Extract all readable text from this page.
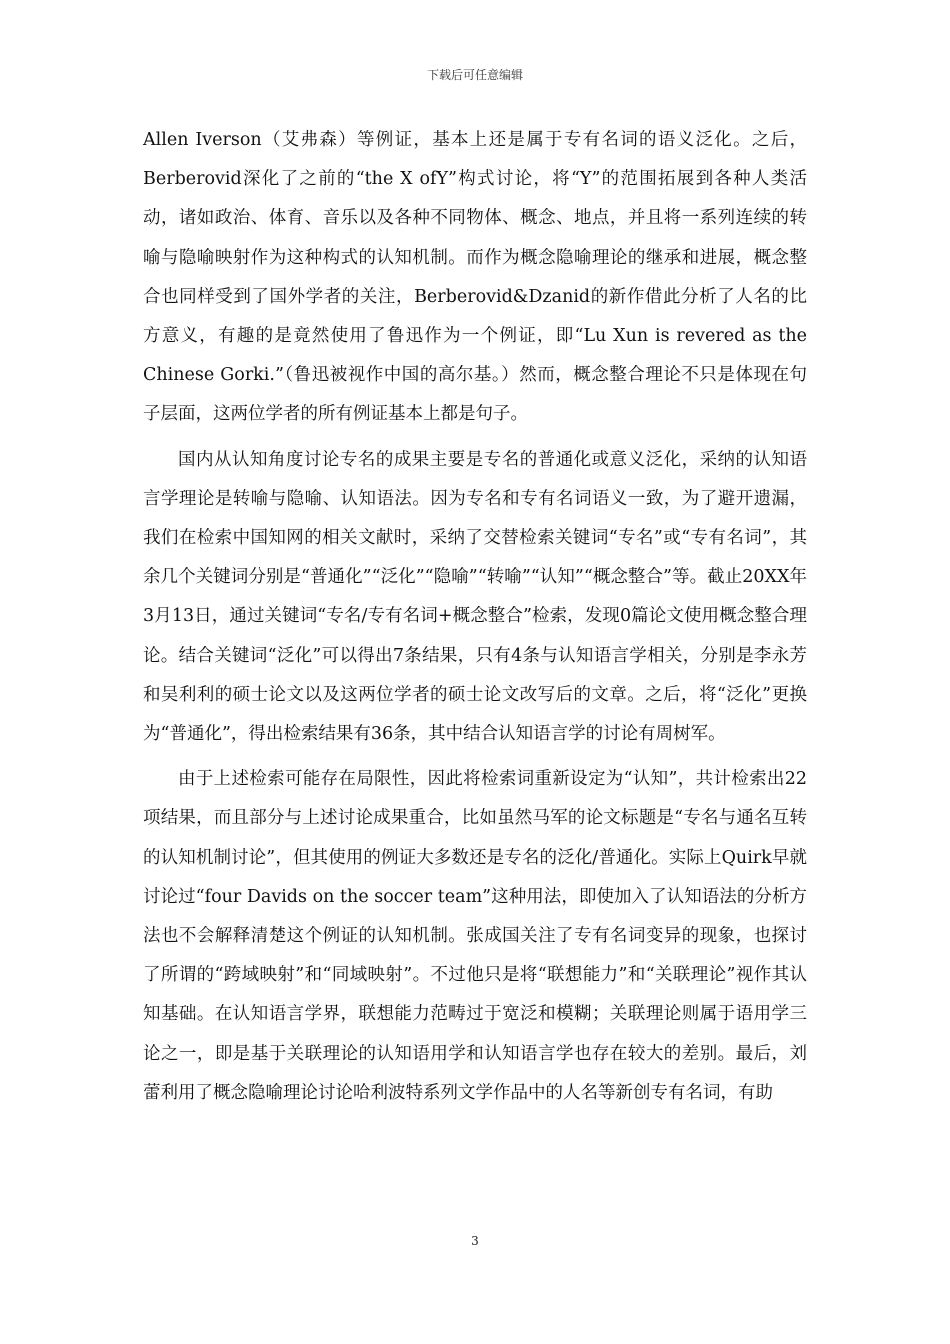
下载后可任意编辑

Allen Iverson（艾弗森）等例证，基本上还是属于专有名词的语义泛化。之后，Berberovid深化了之前的“the X ofY”构式讨论，将“Y”的范围拓展到各种人类活动，诸如政治、体育、音乐以及各种不同物体、概念、地点，并且将一系列连续的转喻与隐喻映射作为这种构式的认知机制。而作为概念隐喻理论的继承和进展，概念整合也同样受到了国外学者的关注，Berberovid&Dzanid的新作借此分析了人名的比方意义，有趣的是竟然使用了鲁迅作为一个例证，即“Lu Xun is revered as the Chinese Gorki.”（鲁迅被视作中国的高尔基。）然而，概念整合理论不只是体现在句子层面，这两位学者的所有例证基本上都是句子。

国内从认知角度讨论专名的成果主要是专名的普通化或意义泛化，采纳的认知语言学理论是转喻与隐喻、认知语法。因为专名和专有名词语义一致，为了避开遗漏，我们在检索中国知网的相关文献时，采纳了交替检索关键词“专名”或“专有名词”，其余几个关键词分别是“普通化”“泛化”“隐喻”“转喻”“认知”“概念整合”等。截止20XX年3月13日，通过关键词“专名/专有名词+概念整合”检索，发现0篇论文使用概念整合理论。结合关键词“泛化”可以得出7条结果，只有4条与认知语言学相关，分别是李永芳和吴利利的硕士论文以及这两位学者的硕士论文改写后的文章。之后，将“泛化”更换为“普通化”，得出检索结果有36条，其中结合认知语言学的讨论有周树军。

由于上述检索可能存在局限性，因此将检索词重新设定为“认知”，共计检索出22项结果，而且部分与上述讨论成果重合，比如虽然马军的论文标题是“专名与通名互转的认知机制讨论”，但其使用的例证大多数还是专名的泛化/普通化。实际上Quirk早就讨论过“four Davids on the soccer team”这种用法，即使加入了认知语法的分析方法也不会解释清楚这个例证的认知机制。张成国关注了专有名词变异的现象，也探讨了所谓的“跨域映射”和“同域映射”。不过他只是将“联想能力”和“关联理论”视作其认知基础。在认知语言学界，联想能力范畴过于宽泛和模糊；关联理论则属于语用学三论之一，即是基于关联理论的认知语用学和认知语言学也存在较大的差别。最后，刘蕾利用了概念隐喻理论讨论哈利波特系列文学作品中的人名等新创专有名词，有助

3
